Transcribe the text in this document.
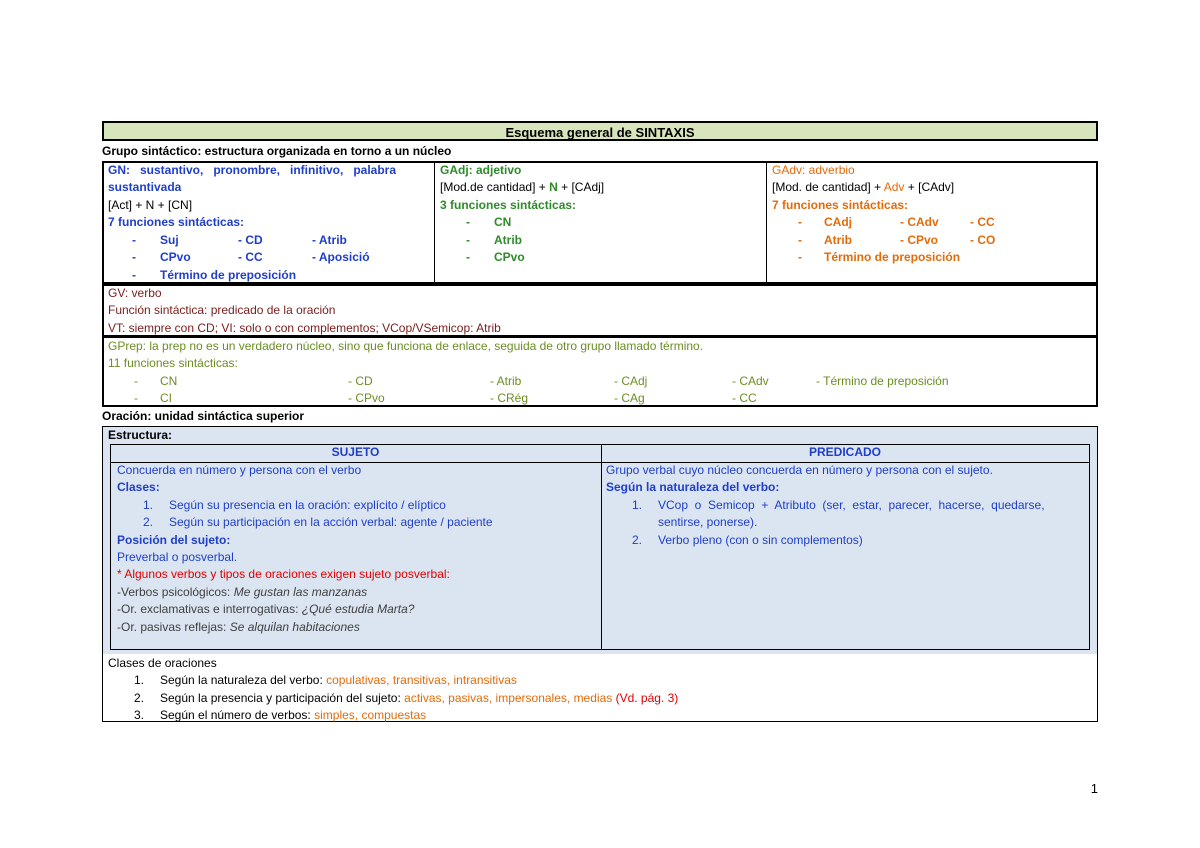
Esquema general de SINTAXIS
Grupo sintáctico: estructura organizada en torno a un núcleo
GN:   sustantivo,   pronombre,   infinitivo,   palabra
sustantivada
[Act] + N + [CN]
7 funciones sintácticas:
- Suj	- CD	- Atrib
- CPvo	- CC	- Aposició
- Término de preposición
GAdj: adjetivo
[Mod.de cantidad] + N + [CAdj]
3 funciones sintácticas:
- CN
- Atrib
- CPvo
GAdv: adverbio
[Mod. de cantidad] + Adv + [CAdv]
7 funciones sintácticas:
- CAdj	- CAdv	- CC
- Atrib	- CPvo	- CO
- Término de preposición
GV: verbo
Función sintáctica: predicado de la oración
VT: siempre con CD; VI: solo o con complementos; VCop/VSemicop: Atrib
GPrep: la prep no es un verdadero núcleo, sino que funciona de enlace, seguida de otro grupo llamado término.
11 funciones sintácticas:
- CN	- CD	- Atrib	- CAdj	- CAdv	- Término de preposición
- CI	- CPvo	- CRég	- CAg	- CC
Oración: unidad sintáctica superior
Estructura:
SUJETO
Concuerda en número y persona con el verbo
Clases:
1. Según su presencia en la oración: explícito / elíptico
2. Según su participación en la acción verbal: agente / paciente
Posición del sujeto:
Preverbal o posverbal.
* Algunos verbos y tipos de oraciones exigen sujeto posverbal:
-Verbos psicológicos: Me gustan las manzanas
-Or. exclamativas e interrogativas: ¿Qué estudia Marta?
-Or. pasivas reflejas: Se alquilan habitaciones
PREDICADO
Grupo verbal cuyo núcleo concuerda en número y persona con el sujeto.
Según la naturaleza del verbo:
1. VCop  o  Semicop  +  Atributo  (ser,  estar,  parecer,  hacerse,  quedarse,
sentirse, ponerse).
2. Verbo pleno (con o sin complementos)
Clases de oraciones
1. Según la naturaleza del verbo: copulativas, transitivas, intransitivas
2. Según la presencia y participación del sujeto: activas, pasivas, impersonales, medias (Vd. pág. 3)
3. Según el número de verbos: simples, compuestas
1
